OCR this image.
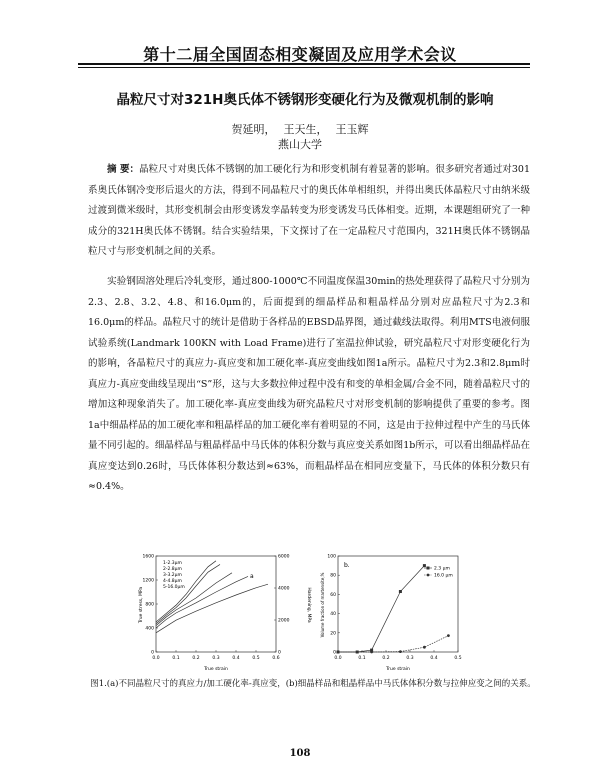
第十二届全国固态相变凝固及应用学术会议
晶粒尺寸对321H奥氏体不锈钢形变硬化行为及微观机制的影响
贺延明， 王天生， 王玉辉
燕山大学
  摘 要：晶粒尺寸对奥氏体不锈钢的加工硬化行为和形变机制有着显著的影响。很多研究者通过对301系奥氏体钢冷变形后退火的方法，得到不同晶粒尺寸的奥氏体单相组织，并得出奥氏体晶粒尺寸由纳米级过渡到微米级时，其形变机制会由形变诱发孪晶转变为形变诱发马氏体相变。近期，本课题组研究了一种成分的321H奥氏体不锈钢。结合实验结果，下文探讨了在一定晶粒尺寸范围内，321H奥氏体不锈钢晶粒尺寸与形变机制之间的关系。
  实验钢固溶处理后冷轧变形，通过800-1000℃不同温度保温30min的热处理获得了晶粒尺寸分别为2.3、2.8、3.2、4.8、和16.0μm的，后面提到的细晶样品和粗晶样品分别对应晶粒尺寸为2.3和16.0μm的样品。晶粒尺寸的统计是借助于各样品的EBSD晶界图，通过截线法取得。利用MTS电液伺服试验系统(Landmark 100KN with Load Frame)进行了室温拉伸试验，研究晶粒尺寸对形变硬化行为的影响，各晶粒尺寸的真应力-真应变和加工硬化率-真应变曲线如图1a所示。晶粒尺寸为2.3和2.8μm时真应力-真应变曲线呈现出“S”形，这与大多数拉伸过程中没有和变的单相金属/合金不同，随着晶粒尺寸的增加这种现象消失了。加工硬化率-真应变曲线为研究晶粒尺寸对形变机制的影响提供了重要的参考。图1a中细晶样品的加工硬化率和粗晶样品的加工硬化率有着明显的不同，这是由于拉伸过程中产生的马氏体量不同引起的。细晶样品与粗晶样品中马氏体的体积分数与真应变关系如图1b所示，可以看出细晶样品在真应变达到0.26时，马氏体体积分数达到≈63%，而粗晶样品在相同应变量下，马氏体的体积分数只有≈0.4%。
True stress, MPa	Hardening, MPa
True strain
a
1-2.3μm
2-2.8μm
3-3.2μm
4-4.8μm
5-16.0μm
0.0	0.1	0.2	0.3	0.4	0.5	0.6
0
400
800
1200
1600
0
2000
4000
6000
Volume fraction of martensite,%
True strain
b.	2.3 μm
16.0 μm
0.0	0.1	0.2	0.3	0.4	0.5
0
20
40
60
80
100
图1.(a)不同晶粒尺寸的真应力/加工硬化率-真应变，(b)细晶样品和粗晶样品中马氏体体积分数与拉伸应变之间的关系。
108
